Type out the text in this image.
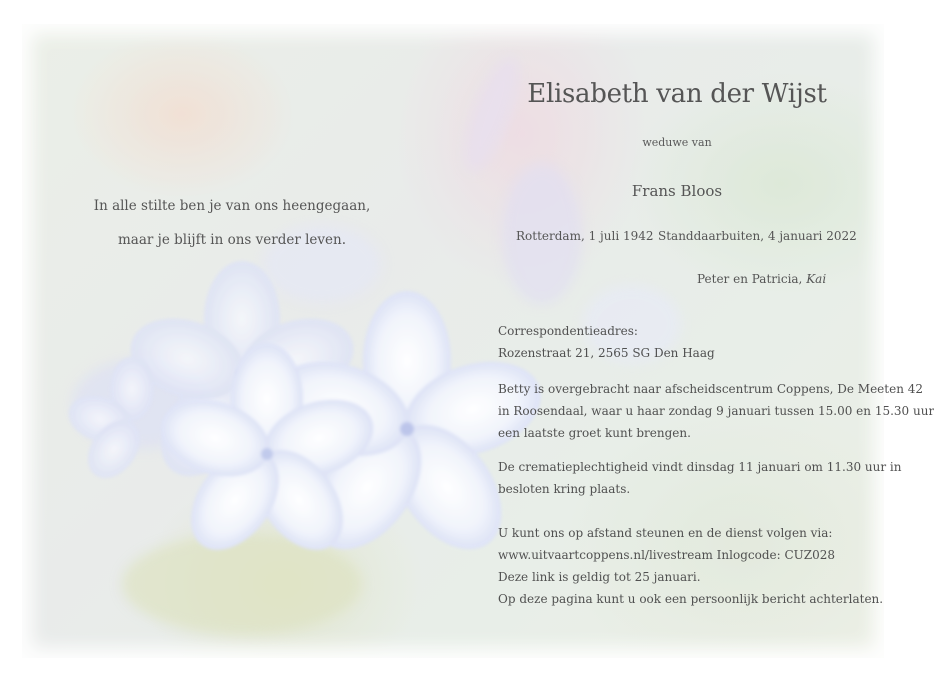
In alle stilte ben je van ons heengegaan,
maar je blijft in ons verder leven.
Elisabeth van der Wijst
weduwe van
Frans Bloos
Rotterdam, 1 juli 1942 Standdaarbuiten, 4 januari 2022
Peter en Patricia, Kai
Correspondentieadres:
Rozenstraat 21, 2565 SG Den Haag
Betty is overgebracht naar afscheidscentrum Coppens, De Meeten 42
in Roosendaal, waar u haar zondag 9 januari tussen 15.00 en 15.30 uur
een laatste groet kunt brengen.
De crematieplechtigheid vindt dinsdag 11 januari om 11.30 uur in
besloten kring plaats.
U kunt ons op afstand steunen en de dienst volgen via:
www.uitvaartcoppens.nl/livestream Inlogcode: CUZ028
Deze link is geldig tot 25 januari.
Op deze pagina kunt u ook een persoonlijk bericht achterlaten.
